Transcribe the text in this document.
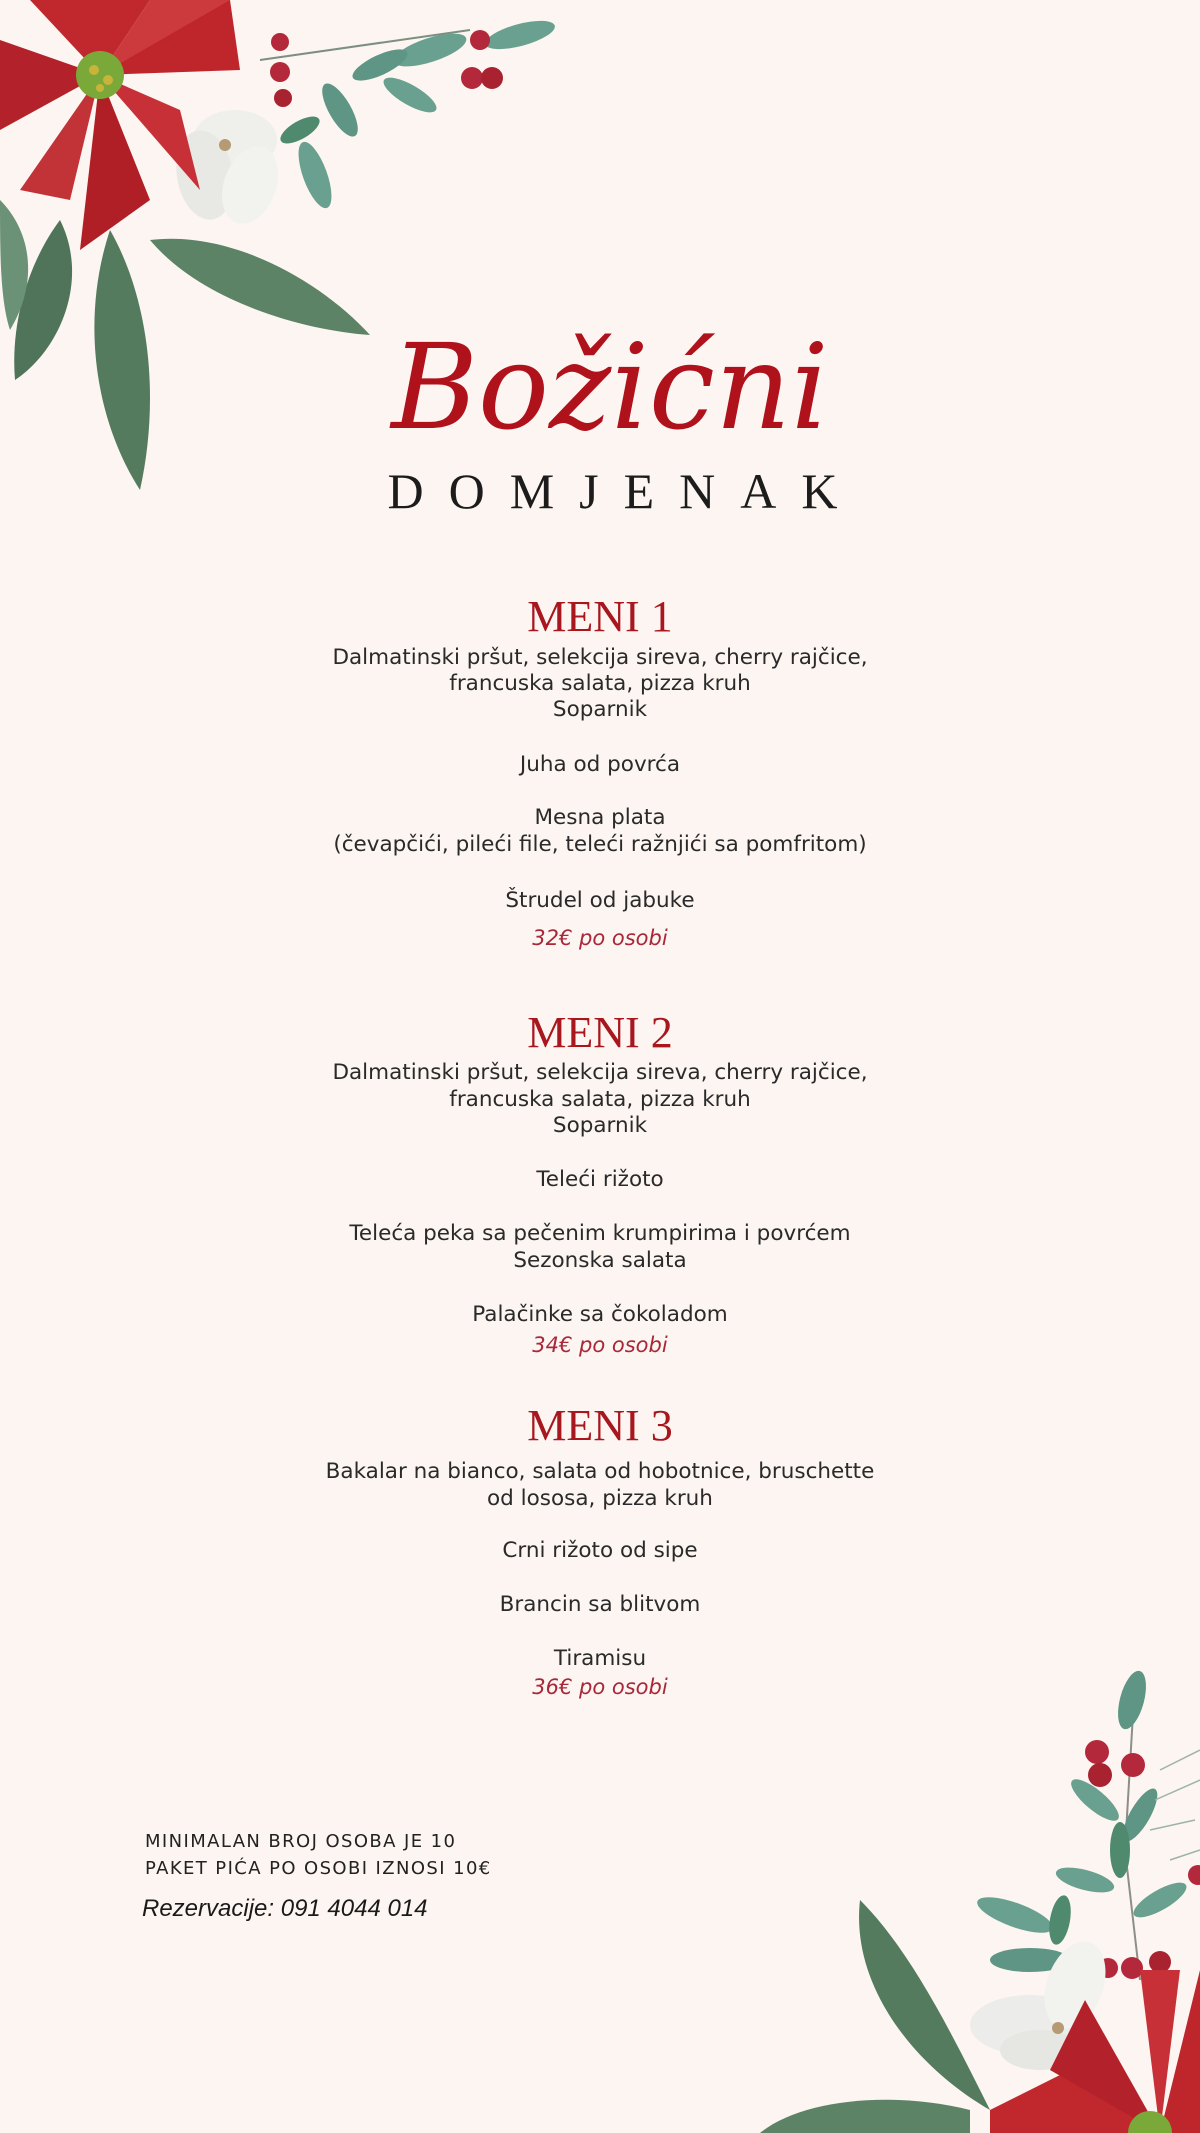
Božićni
DOMJENAK
MENI 1
Dalmatinski pršut, selekcija sireva, cherry rajčice,
francuska salata, pizza kruh
Soparnik
Juha od povrća
Mesna plata
(čevapčići, pileći file, teleći ražnjići sa pomfritom)
Štrudel od jabuke
32€ po osobi
MENI 2
Dalmatinski pršut, selekcija sireva, cherry rajčice,
francuska salata, pizza kruh
Soparnik
Teleći rižoto
Teleća peka sa pečenim krumpirima i povrćem
Sezonska salata
Palačinke sa čokoladom
34€ po osobi
MENI 3
Bakalar na bianco, salata od hobotnice, bruschette
od lososa, pizza kruh
Crni rižoto od sipe
Brancin sa blitvom
Tiramisu
36€ po osobi
MINIMALAN BROJ OSOBA JE 10
PAKET PIĆA PO OSOBI IZNOSI 10€
Rezervacije: 091 4044 014
